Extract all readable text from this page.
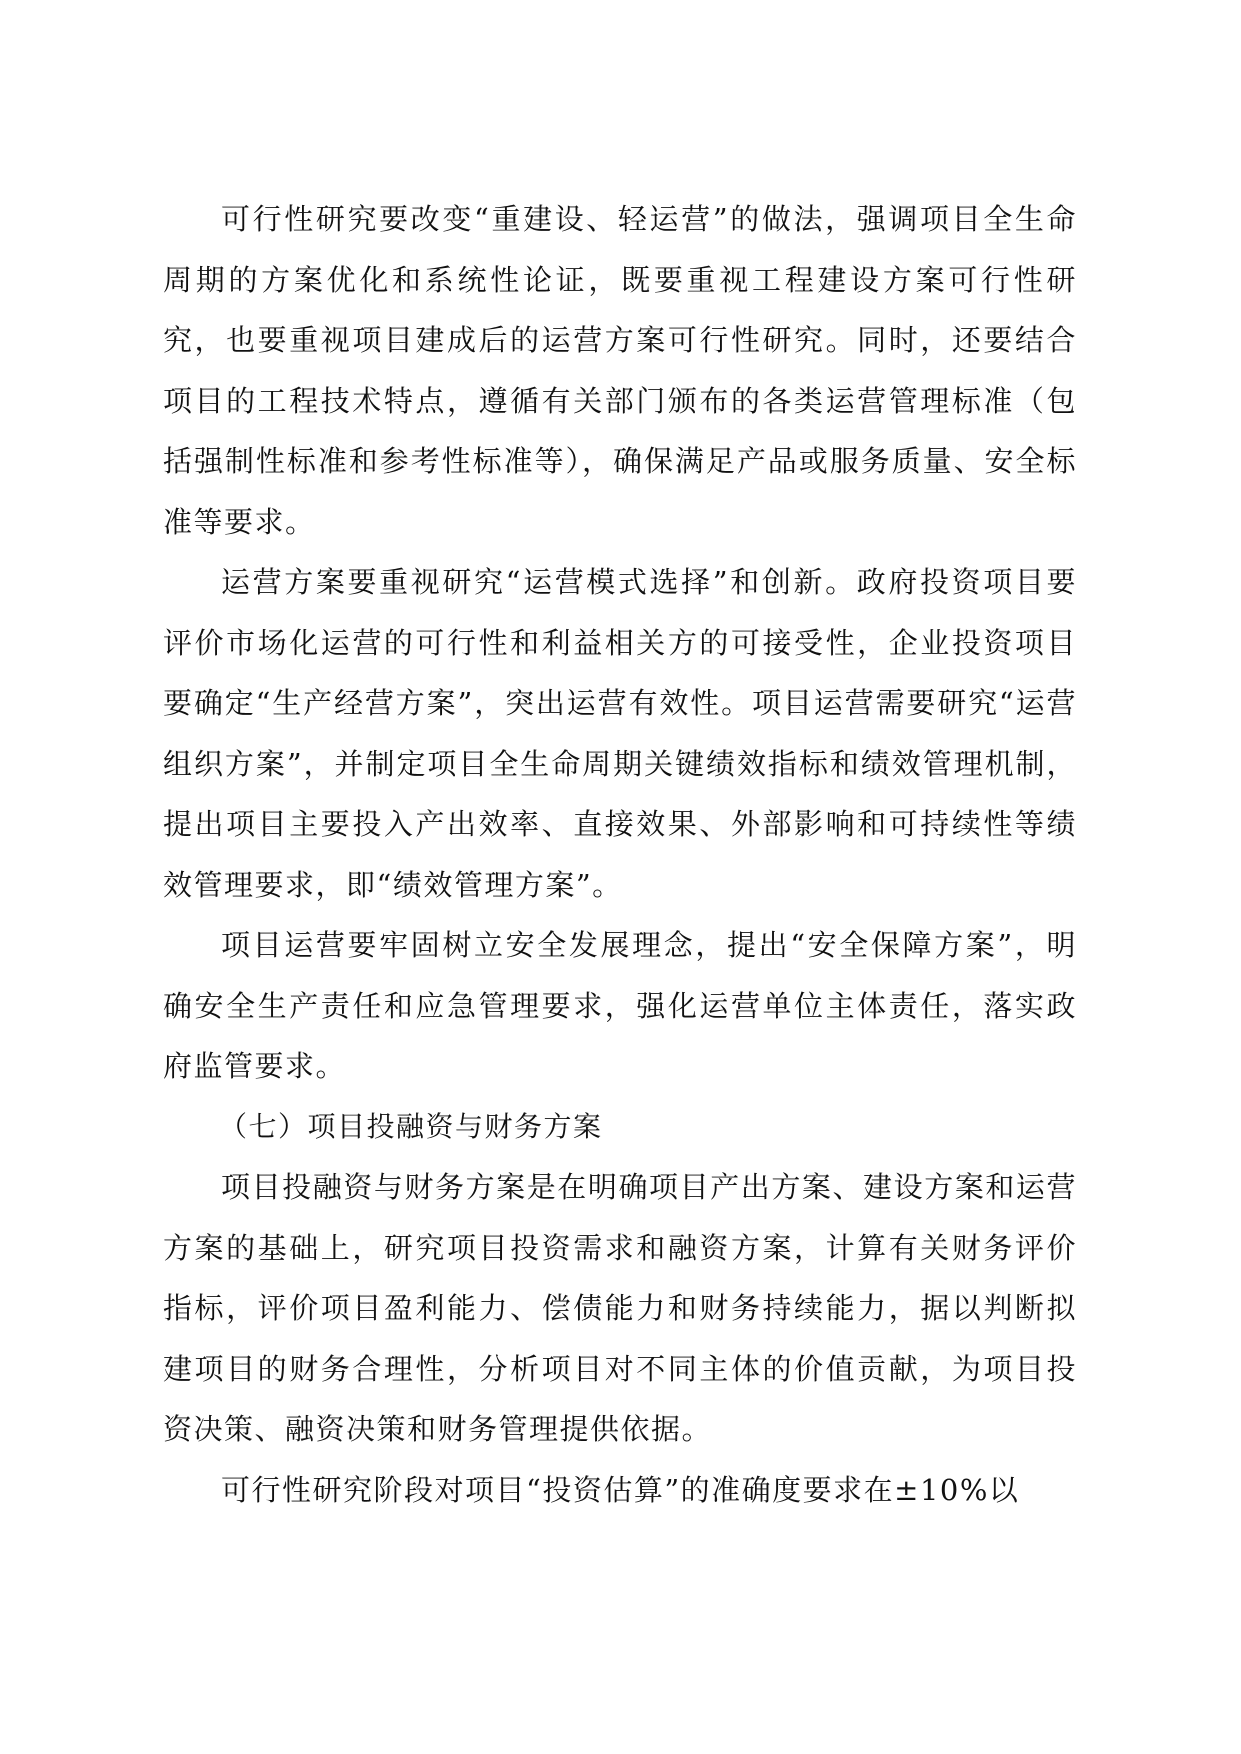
可行性研究要改变“重建设、轻运营”的做法，强调项目全生命周期的方案优化和系统性论证，既要重视工程建设方案可行性研究，也要重视项目建成后的运营方案可行性研究。同时，还要结合项目的工程技术特点，遵循有关部门颁布的各类运营管理标准（包括强制性标准和参考性标准等），确保满足产品或服务质量、安全标准等要求。

运营方案要重视研究“运营模式选择”和创新。政府投资项目要评价市场化运营的可行性和利益相关方的可接受性，企业投资项目要确定“生产经营方案”，突出运营有效性。项目运营需要研究“运营组织方案”，并制定项目全生命周期关键绩效指标和绩效管理机制，提出项目主要投入产出效率、直接效果、外部影响和可持续性等绩效管理要求，即“绩效管理方案”。

项目运营要牢固树立安全发展理念，提出“安全保障方案”，明确安全生产责任和应急管理要求，强化运营单位主体责任，落实政府监管要求。

（七）项目投融资与财务方案

项目投融资与财务方案是在明确项目产出方案、建设方案和运营方案的基础上，研究项目投资需求和融资方案，计算有关财务评价指标，评价项目盈利能力、偿债能力和财务持续能力，据以判断拟建项目的财务合理性，分析项目对不同主体的价值贡献，为项目投资决策、融资决策和财务管理提供依据。

可行性研究阶段对项目“投资估算”的准确度要求在±10%以
